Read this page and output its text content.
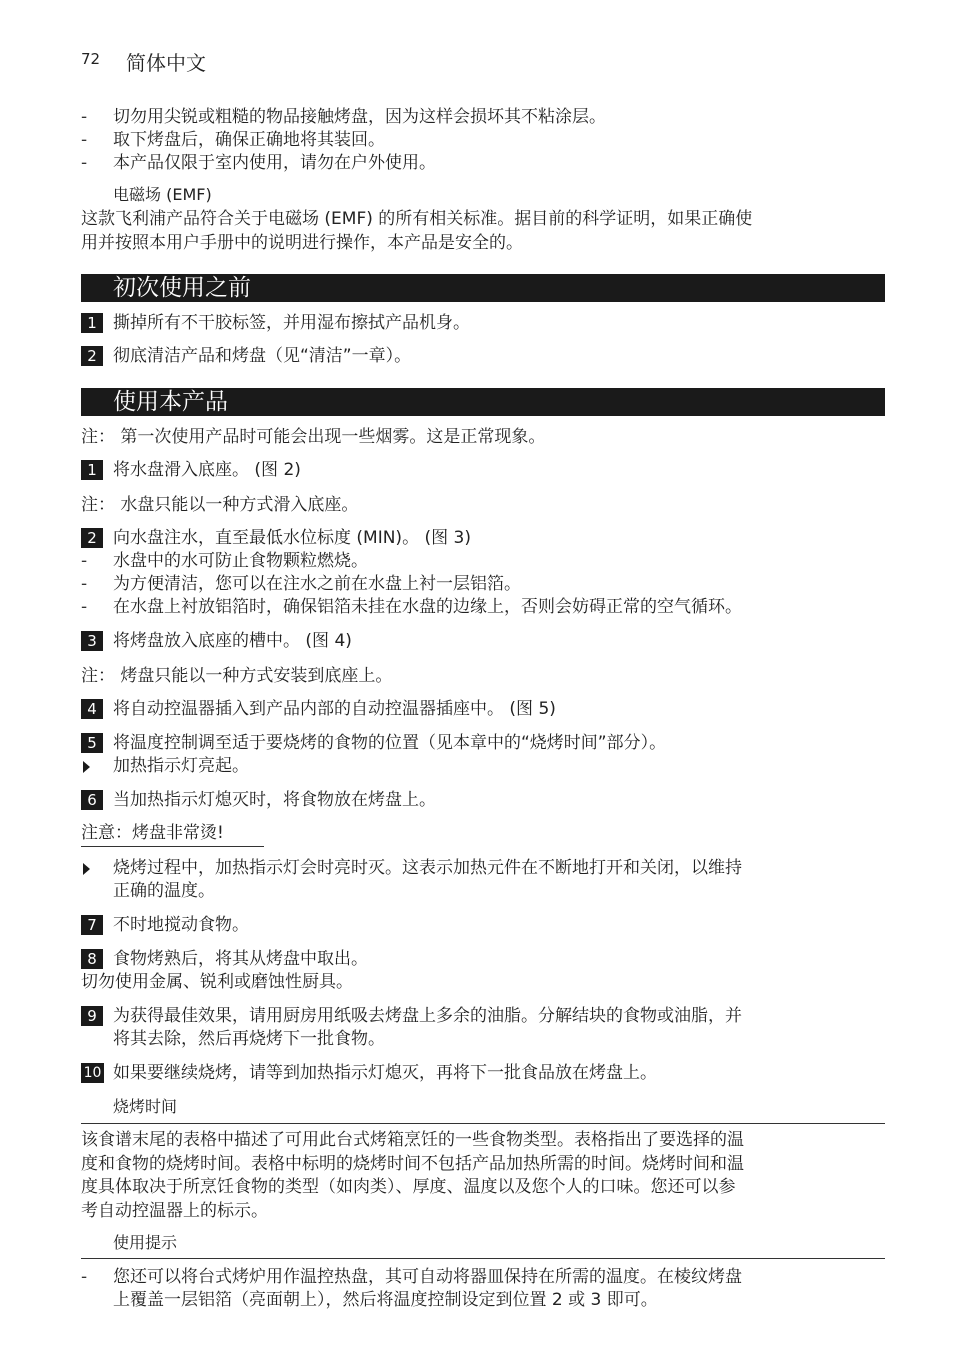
72 简体中文
- 切勿用尖锐或粗糙的物品接触烤盘，因为这样会损坏其不粘涂层。
- 取下烤盘后，确保正确地将其装回。
- 本产品仅限于室内使用，请勿在户外使用。
电磁场 (EMF)
这款飞利浦产品符合关于电磁场 (EMF) 的所有相关标准。据目前的科学证明，如果正确使
用并按照本用户手册中的说明进行操作，本产品是安全的。
初次使用之前
1 撕掉所有不干胶标签，并用湿布擦拭产品机身。
2 彻底清洁产品和烤盘（见“清洁”一章）。
使用本产品
注： 第一次使用产品时可能会出现一些烟雾。这是正常现象。
1 将水盘滑入底座。 (图 2)
注： 水盘只能以一种方式滑入底座。
2 向水盘注水，直至最低水位标度 (MIN)。 (图 3)
- 水盘中的水可防止食物颗粒燃烧。
- 为方便清洁，您可以在注水之前在水盘上衬一层铝箔。
- 在水盘上衬放铝箔时，确保铝箔未挂在水盘的边缘上，否则会妨碍正常的空气循环。
3 将烤盘放入底座的槽中。 (图 4)
注： 烤盘只能以一种方式安装到底座上。
4 将自动控温器插入到产品内部的自动控温器插座中。 (图 5)
5 将温度控制调至适于要烧烤的食物的位置（见本章中的“烧烤时间”部分）。
加热指示灯亮起。
6 当加热指示灯熄灭时，将食物放在烤盘上。
注意：烤盘非常烫!
烧烤过程中，加热指示灯会时亮时灭。这表示加热元件在不断地打开和关闭，以维持
正确的温度。
7 不时地搅动食物。
8 食物烤熟后，将其从烤盘中取出。
切勿使用金属、锐利或磨蚀性厨具。
9 为获得最佳效果，请用厨房用纸吸去烤盘上多余的油脂。分解结块的食物或油脂，并
将其去除，然后再烧烤下一批食物。
10 如果要继续烧烤，请等到加热指示灯熄灭，再将下一批食品放在烤盘上。
烧烤时间
该食谱末尾的表格中描述了可用此台式烤箱烹饪的一些食物类型。表格指出了要选择的温
度和食物的烧烤时间。表格中标明的烧烤时间不包括产品加热所需的时间。烧烤时间和温
度具体取决于所烹饪食物的类型（如肉类）、厚度、温度以及您个人的口味。您还可以参
考自动控温器上的标示。
使用提示
- 您还可以将台式烤炉用作温控热盘，其可自动将器皿保持在所需的温度。在棱纹烤盘
上覆盖一层铝箔（亮面朝上），然后将温度控制设定到位置 2 或 3 即可。
